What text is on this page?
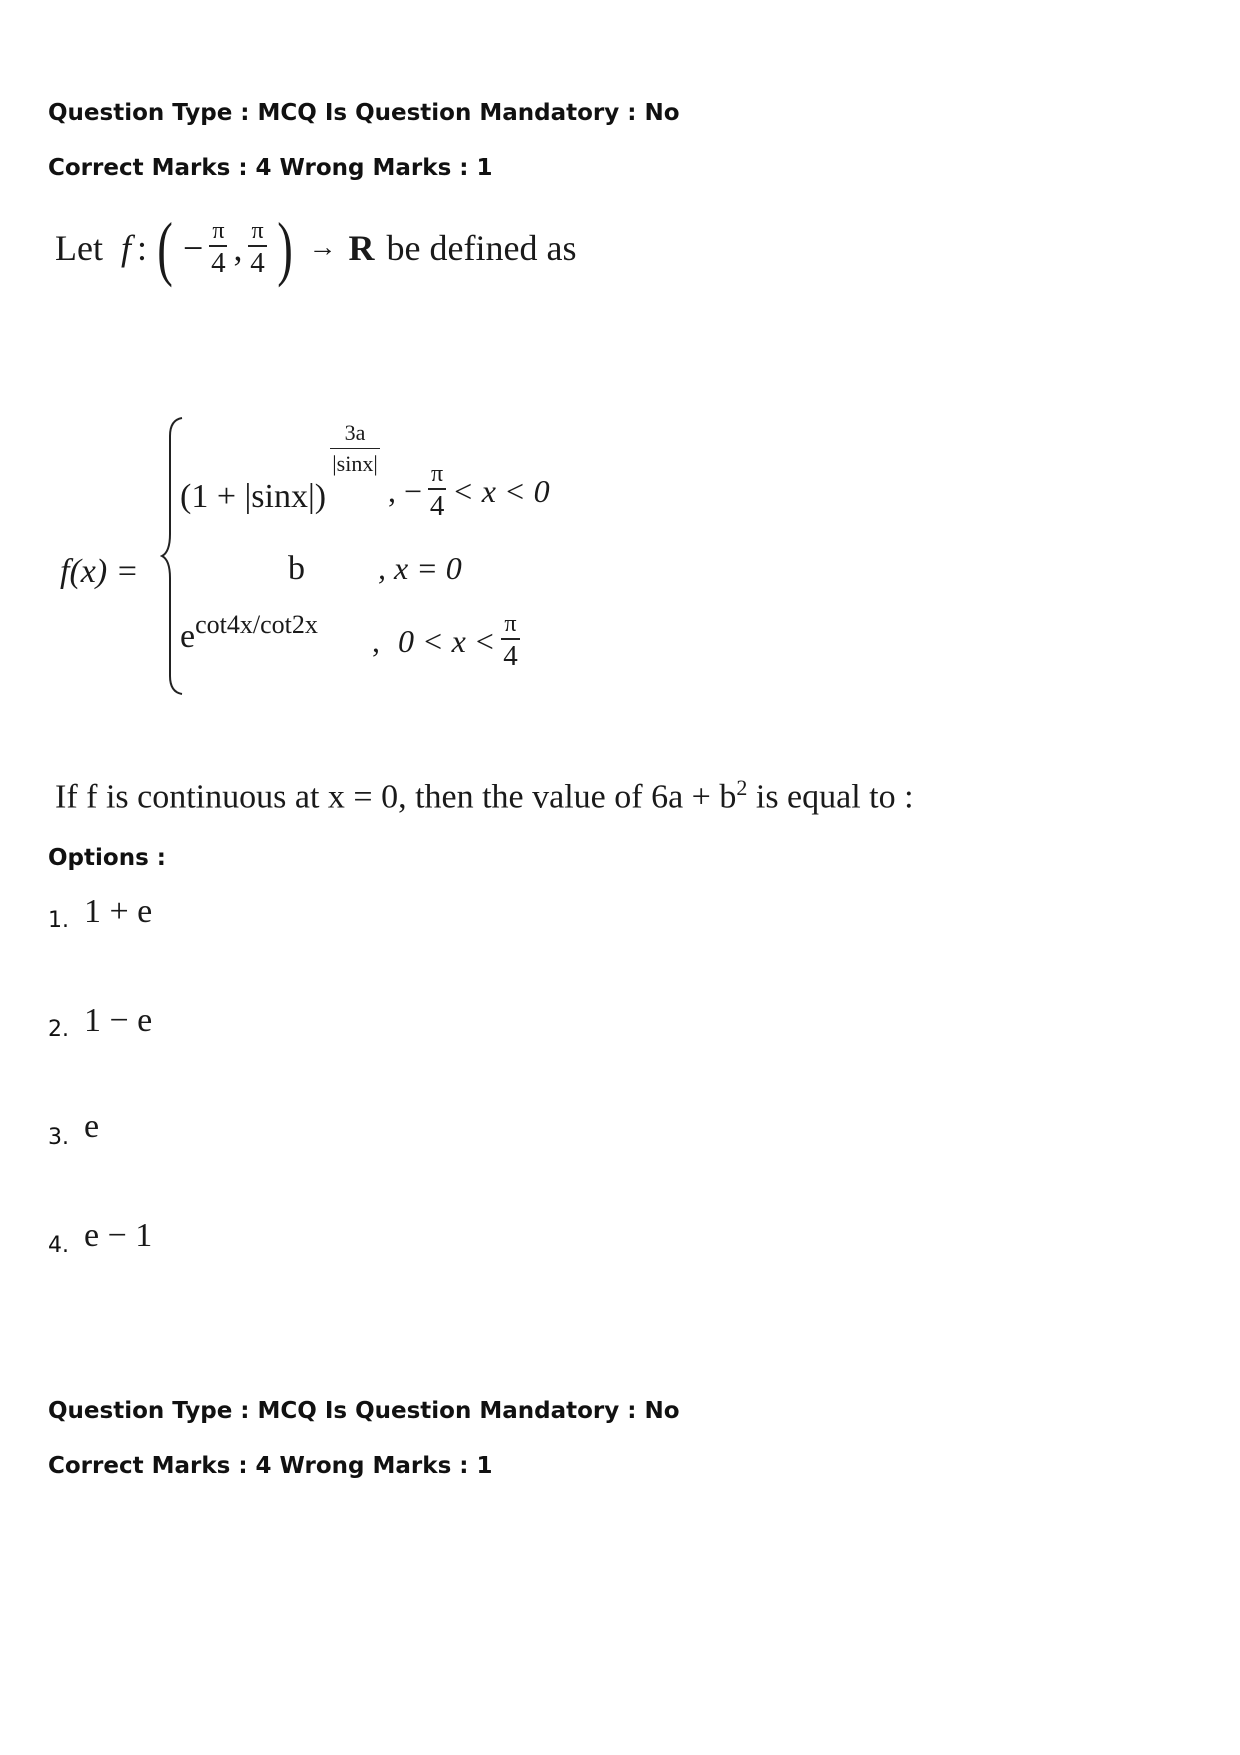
Question Type : MCQ Is Question Mandatory : No
Correct Marks : 4 Wrong Marks : 1
Let f : ( − $\frac{\pi}{4}$ , $\frac{\pi}{4}$ ) → R be defined as
f(x) =
(1 + |sinx|)
$\frac{3a}{|\sin x|}$
, − $\frac{\pi}{4} < x < 0$
b , x = 0
$e^{cot4x/cot2x}$ , $0 < x < \frac{\pi}{4}$
If f is continuous at x = 0, then the value of $6a + b^2$ is equal to :
Options :
1. 1 + e
2. 1 − e
3. e
4. e − 1
Question Type : MCQ Is Question Mandatory : No
Correct Marks : 4 Wrong Marks : 1
